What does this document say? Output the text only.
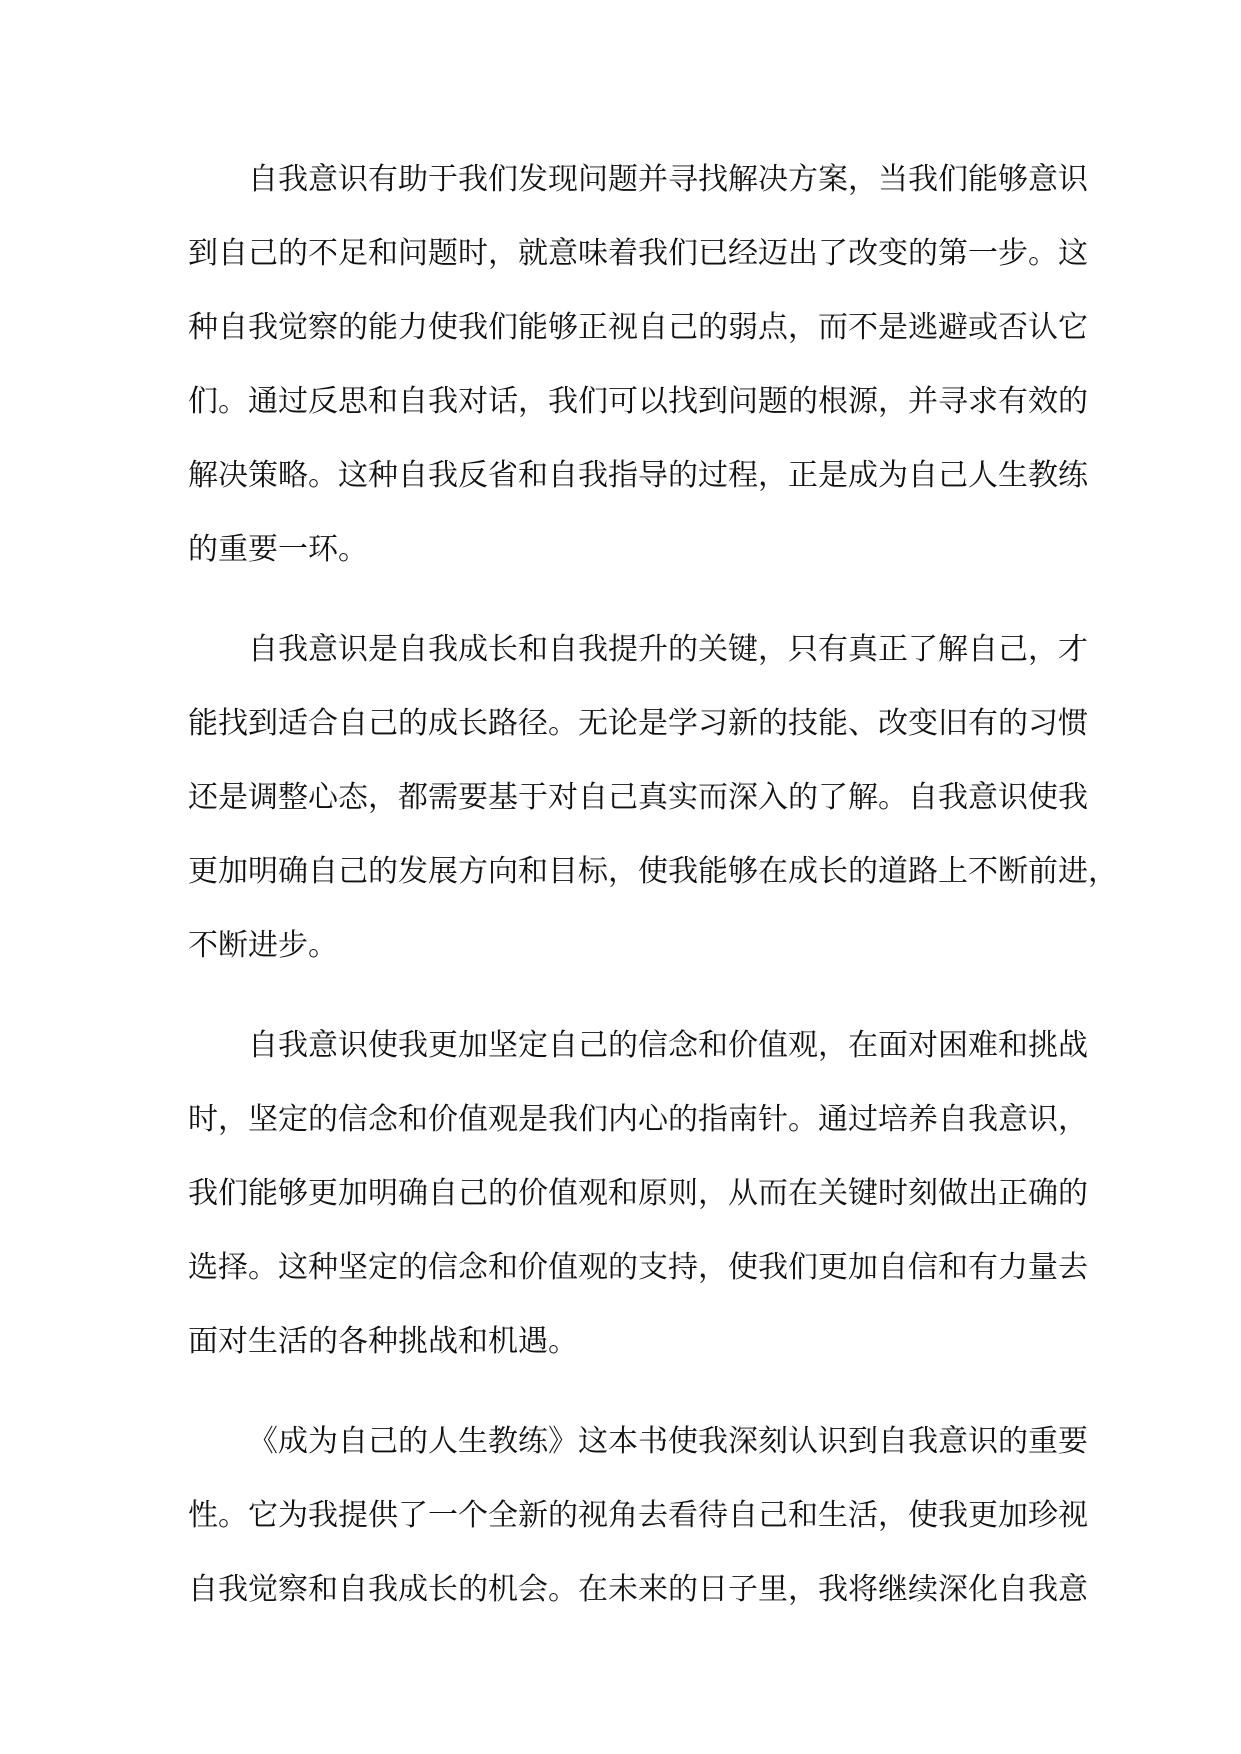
自我意识有助于我们发现问题并寻找解决方案，当我们能够意识
到自己的不足和问题时，就意味着我们已经迈出了改变的第一步。这
种自我觉察的能力使我们能够正视自己的弱点，而不是逃避或否认它
们。通过反思和自我对话，我们可以找到问题的根源，并寻求有效的
解决策略。这种自我反省和自我指导的过程，正是成为自己人生教练
的重要一环。
自我意识是自我成长和自我提升的关键，只有真正了解自己，才
能找到适合自己的成长路径。无论是学习新的技能、改变旧有的习惯
还是调整心态，都需要基于对自己真实而深入的了解。自我意识使我
更加明确自己的发展方向和目标，使我能够在成长的道路上不断前进，
不断进步。
自我意识使我更加坚定自己的信念和价值观，在面对困难和挑战
时，坚定的信念和价值观是我们内心的指南针。通过培养自我意识，
我们能够更加明确自己的价值观和原则，从而在关键时刻做出正确的
选择。这种坚定的信念和价值观的支持，使我们更加自信和有力量去
面对生活的各种挑战和机遇。
《成为自己的人生教练》这本书使我深刻认识到自我意识的重要
性。它为我提供了一个全新的视角去看待自己和生活，使我更加珍视
自我觉察和自我成长的机会。在未来的日子里，我将继续深化自我意
